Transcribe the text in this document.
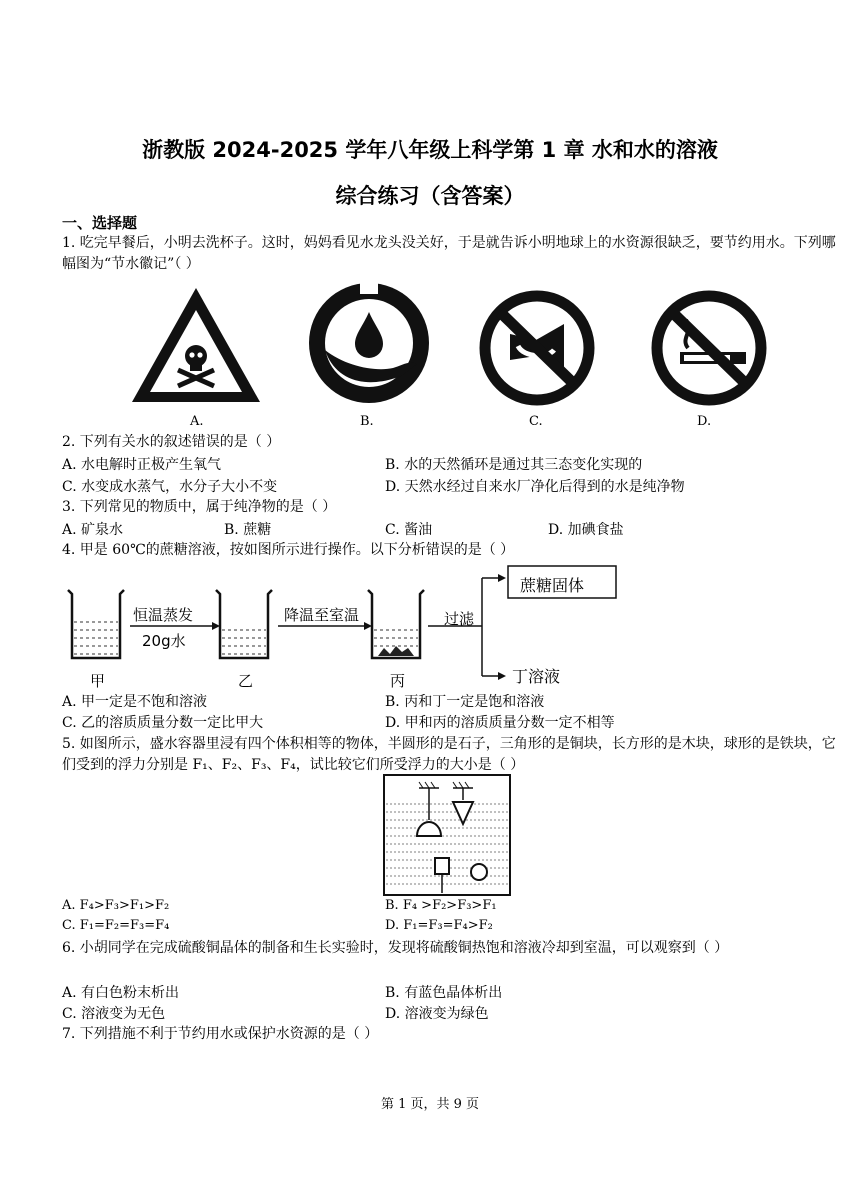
浙教版 2024-2025 学年八年级上科学第 1 章 水和水的溶液
综合练习（含答案）
一、选择题
1. 吃完早餐后，小明去洗杯子。这时，妈妈看见水龙头没关好，于是就告诉小明地球上的水资源很缺乏，要节约用水。下列哪幅图为“节水徽记”（ ）
A.	B.	C.	D.
2. 下列有关水的叙述错误的是（ ）
A. 水电解时正极产生氧气	B. 水的天然循环是通过其三态变化实现的
C. 水变成水蒸气，水分子大小不变	D. 天然水经过自来水厂净化后得到的水是纯净物
3. 下列常见的物质中，属于纯净物的是（ ）
A. 矿泉水	B. 蔗糖	C. 酱油	D. 加碘食盐
4. 甲是 60℃的蔗糖溶液，按如图所示进行操作。以下分析错误的是（ ）
恒温蒸发
20g水
降温至室温	过滤
蔗糖固体
丁溶液
甲	乙	丙
A. 甲一定是不饱和溶液	B. 丙和丁一定是饱和溶液
C. 乙的溶质质量分数一定比甲大	D. 甲和丙的溶质质量分数一定不相等
5. 如图所示，盛水容器里浸有四个体积相等的物体，半圆形的是石子，三角形的是铜块，长方形的是木块，球形的是铁块，它们受到的浮力分别是 F₁、F₂、F₃、F₄，试比较它们所受浮力的大小是（ ）
A. F₄>F₃>F₁>F₂	B. F₄ >F₂>F₃>F₁
C. F₁=F₂=F₃=F₄	D. F₁=F₃=F₄>F₂
6. 小胡同学在完成硫酸铜晶体的制备和生长实验时，发现将硫酸铜热饱和溶液冷却到室温，可以观察到（ ）
A. 有白色粉末析出	B. 有蓝色晶体析出
C. 溶液变为无色	D. 溶液变为绿色
7. 下列措施不利于节约用水或保护水资源的是（ ）
第 1 页，共 9 页
